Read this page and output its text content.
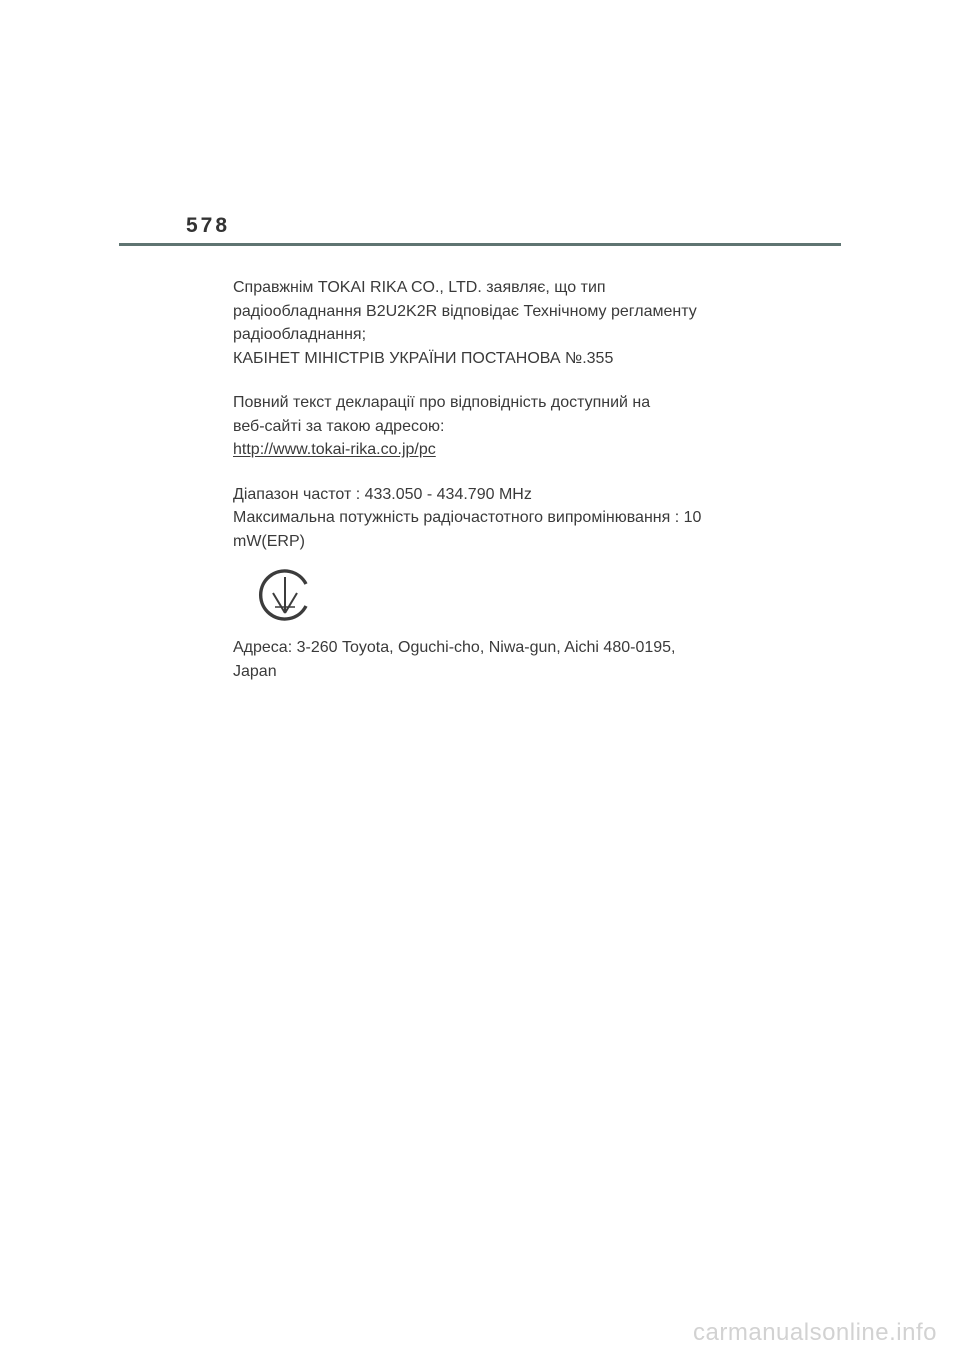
578

Справжнім TOKAI RIKA CO., LTD. заявляє, що тип
радіообладнання B2U2K2R відповідає Технічному регламенту
радіообладнання;
КАБІНЕТ МІНІСТРІВ УКРАЇНИ ПОСТАНОВА №.355

Повний текст декларації про відповідність доступний на
веб-сайті за такою адресою:
http://www.tokai-rika.co.jp/pc

Діапазон частот : 433.050 - 434.790 MHz
Максимальна потужність радіочастотного випромінювання : 10
mW(ERP)

Адреса: 3-260 Toyota, Oguchi-cho, Niwa-gun, Aichi 480-0195,
Japan

carmanualsonline.info
